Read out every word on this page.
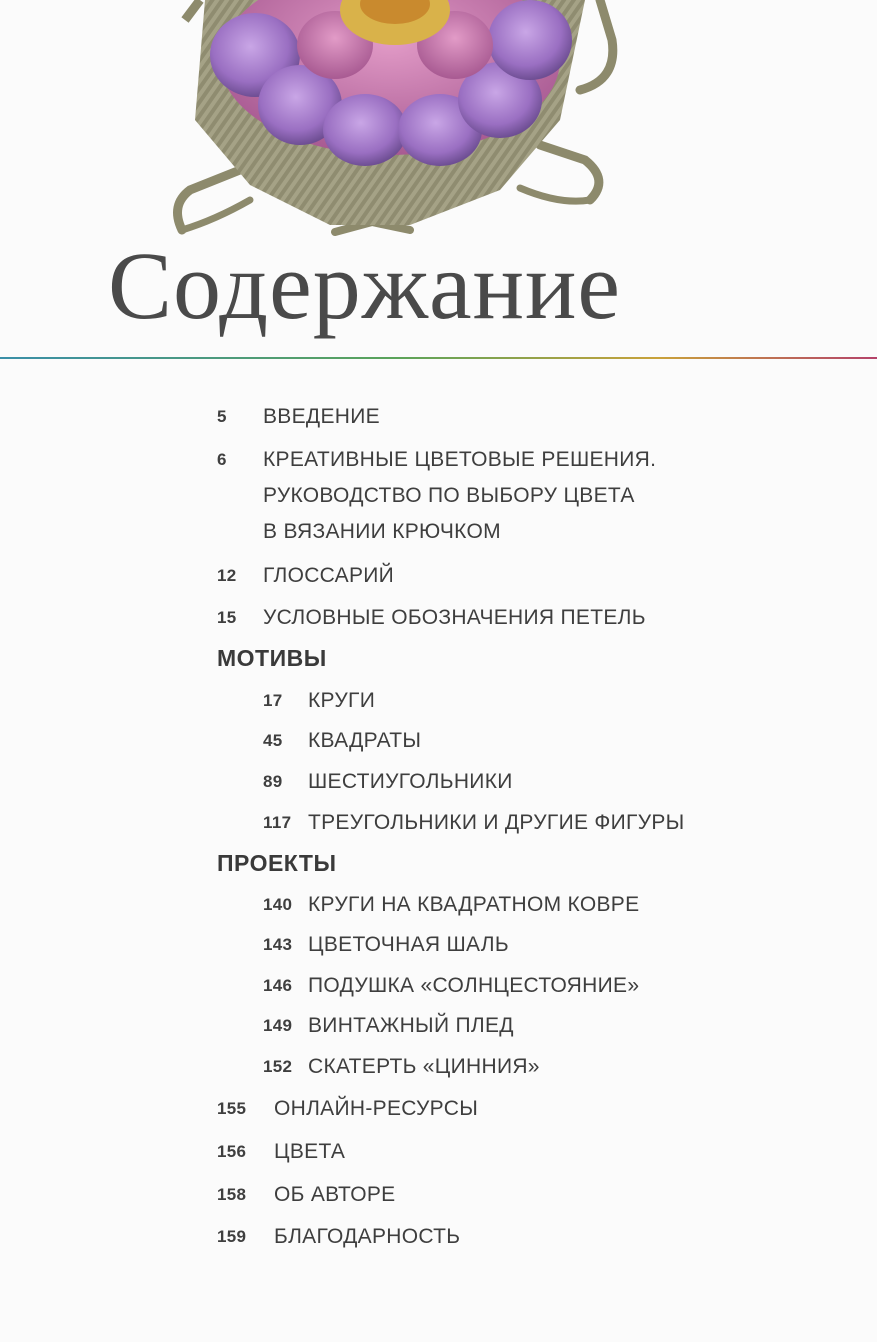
Содержание
5 ВВЕДЕНИЕ
6 КРЕАТИВНЫЕ ЦВЕТОВЫЕ РЕШЕНИЯ.
РУКОВОДСТВО ПО ВЫБОРУ ЦВЕТА
В ВЯЗАНИИ КРЮЧКОМ
12 ГЛОССАРИЙ
15 УСЛОВНЫЕ ОБОЗНАЧЕНИЯ ПЕТЕЛЬ
МОТИВЫ
17 КРУГИ
45 КВАДРАТЫ
89 ШЕСТИУГОЛЬНИКИ
117 ТРЕУГОЛЬНИКИ И ДРУГИЕ ФИГУРЫ
ПРОЕКТЫ
140 КРУГИ НА КВАДРАТНОМ КОВРЕ
143 ЦВЕТОЧНАЯ ШАЛЬ
146 ПОДУШКА «СОЛНЦЕСТОЯНИЕ»
149 ВИНТАЖНЫЙ ПЛЕД
152 СКАТЕРТЬ «ЦИННИЯ»
155 ОНЛАЙН-РЕСУРСЫ
156 ЦВЕТА
158 ОБ АВТОРЕ
159 БЛАГОДАРНОСТЬ
